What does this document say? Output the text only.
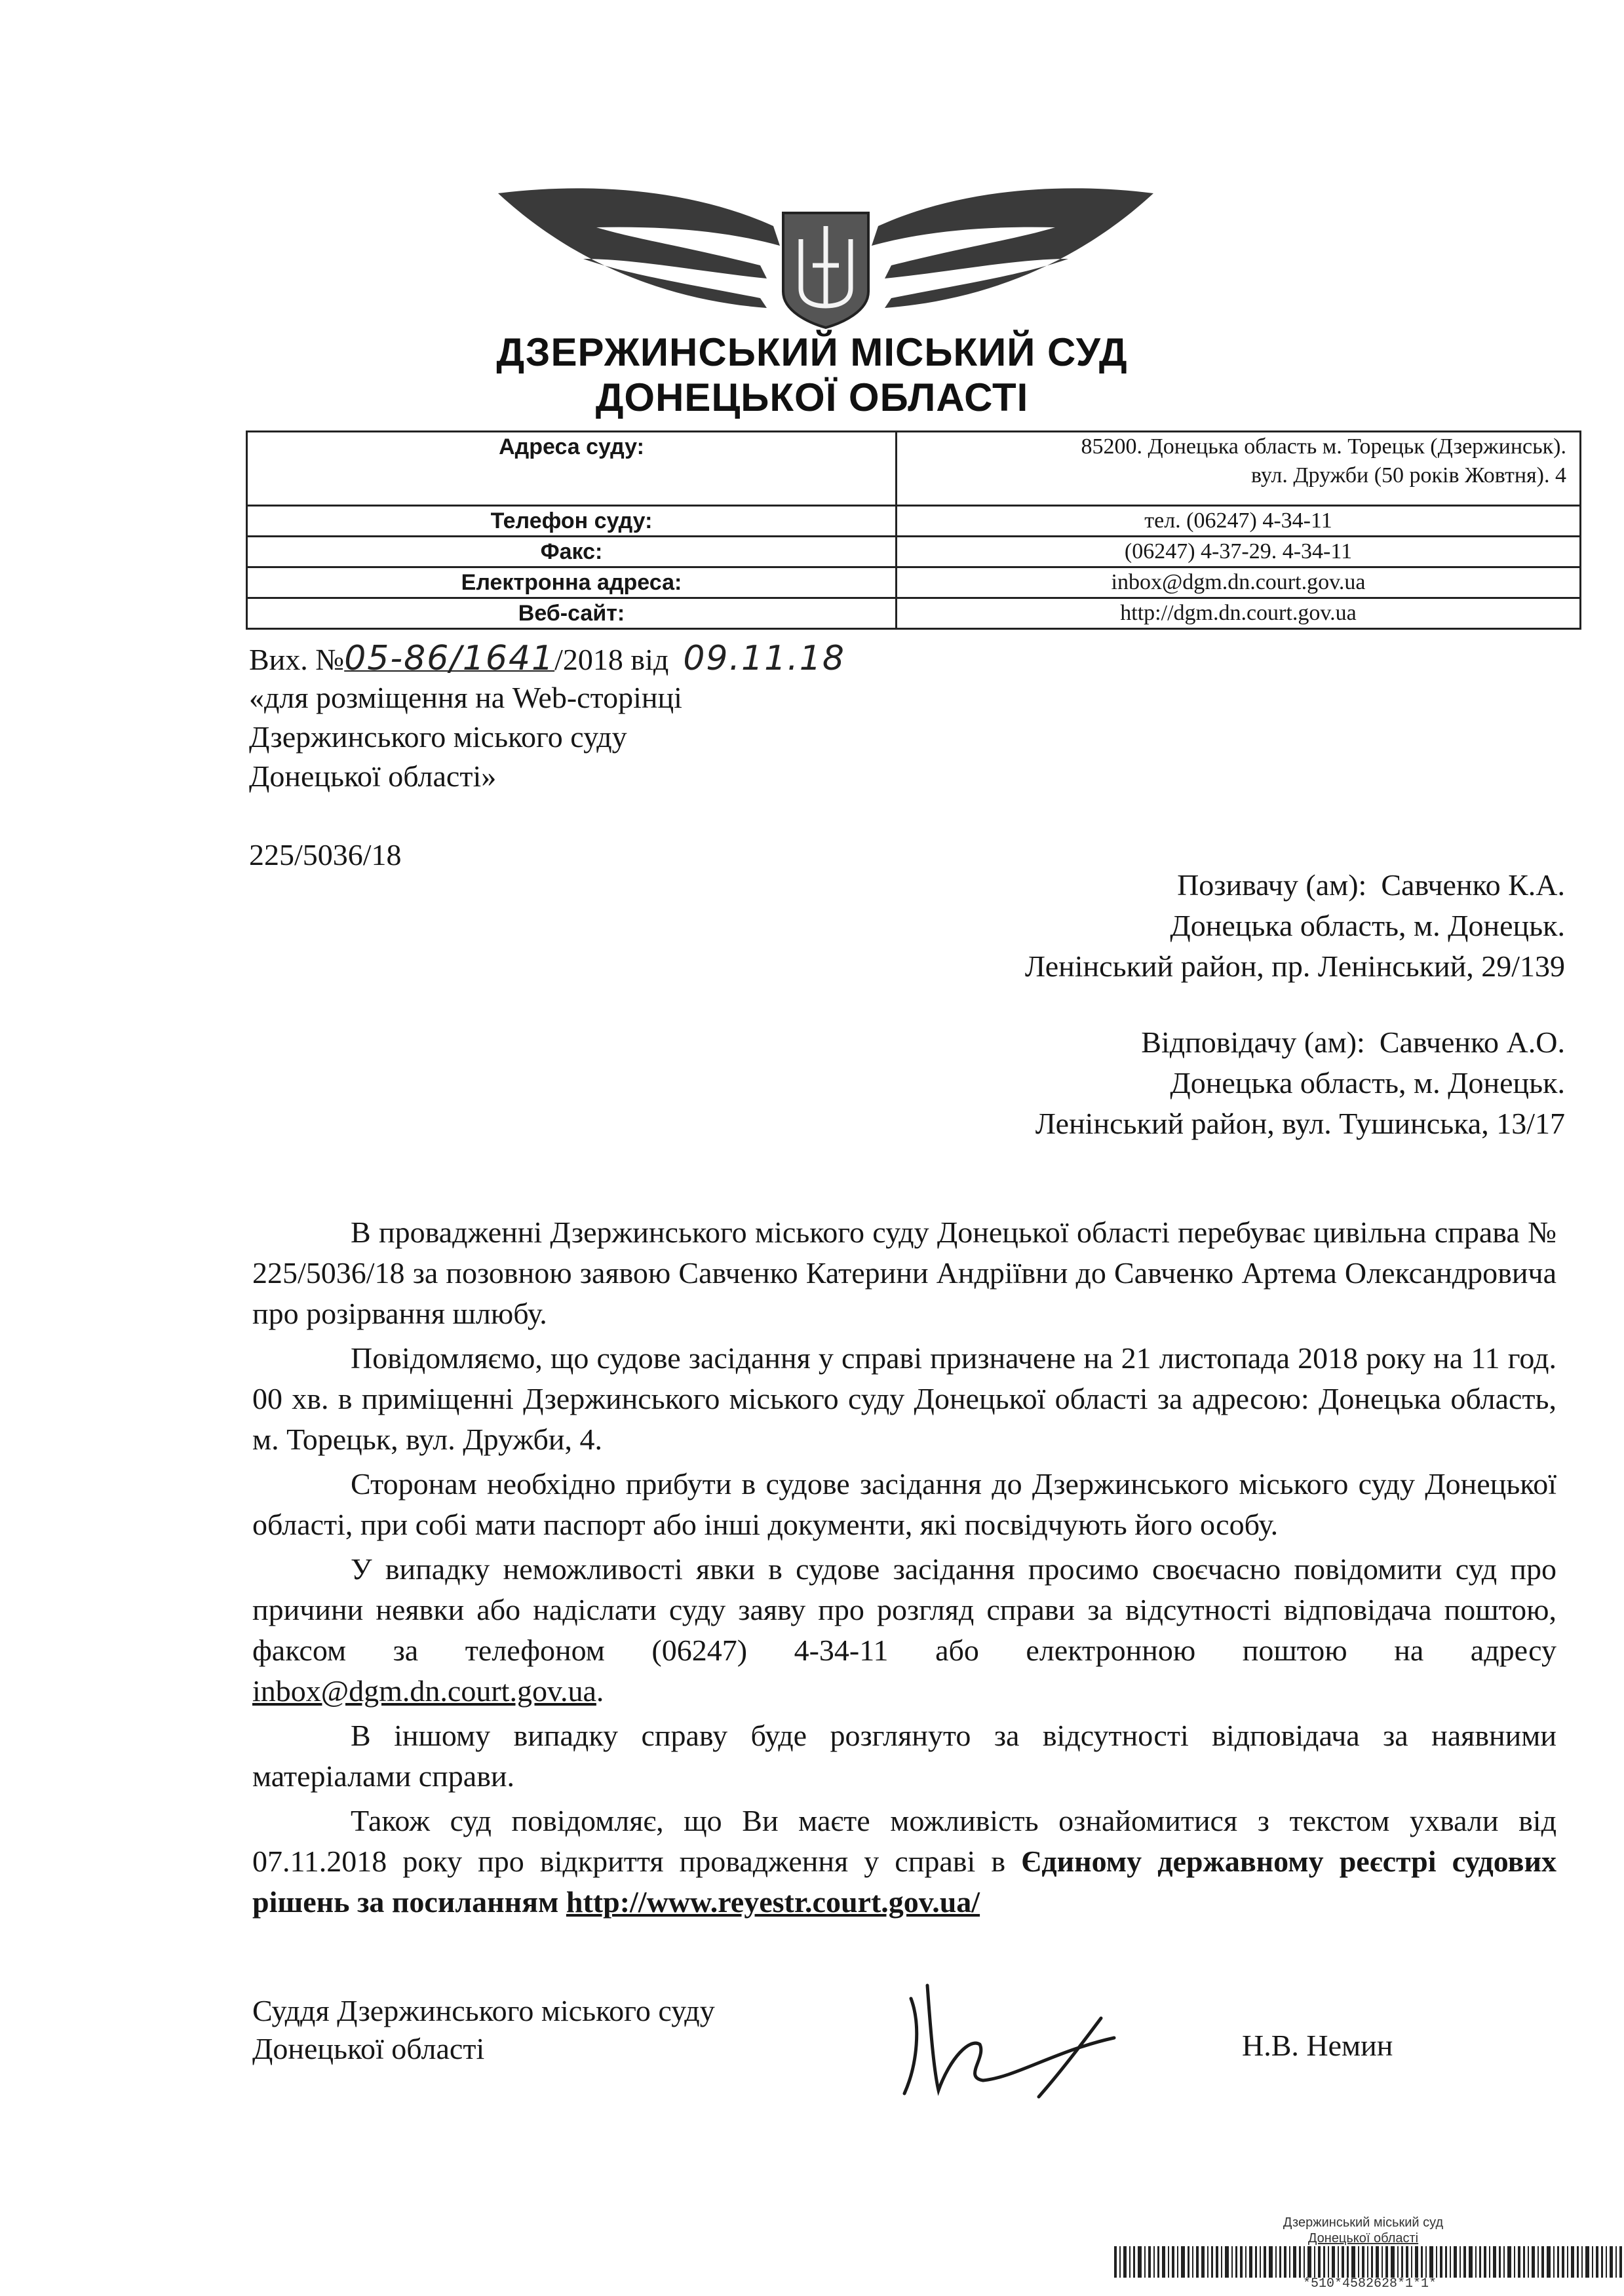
ДЗЕРЖИНСЬКИЙ МІСЬКИЙ СУД
ДОНЕЦЬКОЇ ОБЛАСТІ
Адреса суду:	85200. Донецька область м. Торецьк (Дзержинськ).
вул. Дружби (50 років Жовтня). 4

Телефон суду:	тел. (06247) 4-34-11
Факс:	(06247) 4-37-29. 4-34-11
Електронна адреса:	inbox@dgm.dn.court.gov.ua
Веб-сайт:	http://dgm.dn.court.gov.ua
Вих. №05-86/1641/2018 від 09.11.18
«для розміщення на Web-сторінці
Дзержинського міського суду
Донецької області»
225/5036/18
Позивачу (ам): Савченко К.А.
Донецька область, м. Донецьк.
Ленінський район, пр. Ленінський, 29/139
Відповідачу (ам): Савченко А.О.
Донецька область, м. Донецьк.
Ленінський район, вул. Тушинська, 13/17

В провадженні Дзержинського міського суду Донецької області перебуває цивільна справа № 225/5036/18 за позовною заявою Савченко Катерини Андріївни до Савченко Артема Олександровича про розірвання шлюбу.

Повідомляємо, що судове засідання у справі призначене на 21 листопада 2018 року на 11 год. 00 хв. в приміщенні Дзержинського міського суду Донецької області за адресою: Донецька область, м. Торецьк, вул. Дружби, 4.

Сторонам необхідно прибути в судове засідання до Дзержинського міського суду Донецької області, при собі мати паспорт або інші документи, які посвідчують його особу.

У випадку неможливості явки в судове засідання просимо своєчасно повідомити суд про причини неявки або надіслати суду заяву про розгляд справи за відсутності відповідача поштою, факсом за телефоном (06247) 4-34-11 або електронною поштою на адресу inbox@dgm.dn.court.gov.ua.

В іншому випадку справу буде розглянуто за відсутності відповідача за наявними матеріалами справи.

Також суд повідомляє, що Ви маєте можливість ознайомитися з текстом ухвали від 07.11.2018 року про відкриття провадження у справі в Єдиному державному реєстрі судових рішень за посиланням http://www.reyestr.court.gov.ua/

Суддя Дзержинського міського суду
Донецької області	Н.В. Немин
Дзержинський міський суд
Донецької області
*510*4582628*1*1*
